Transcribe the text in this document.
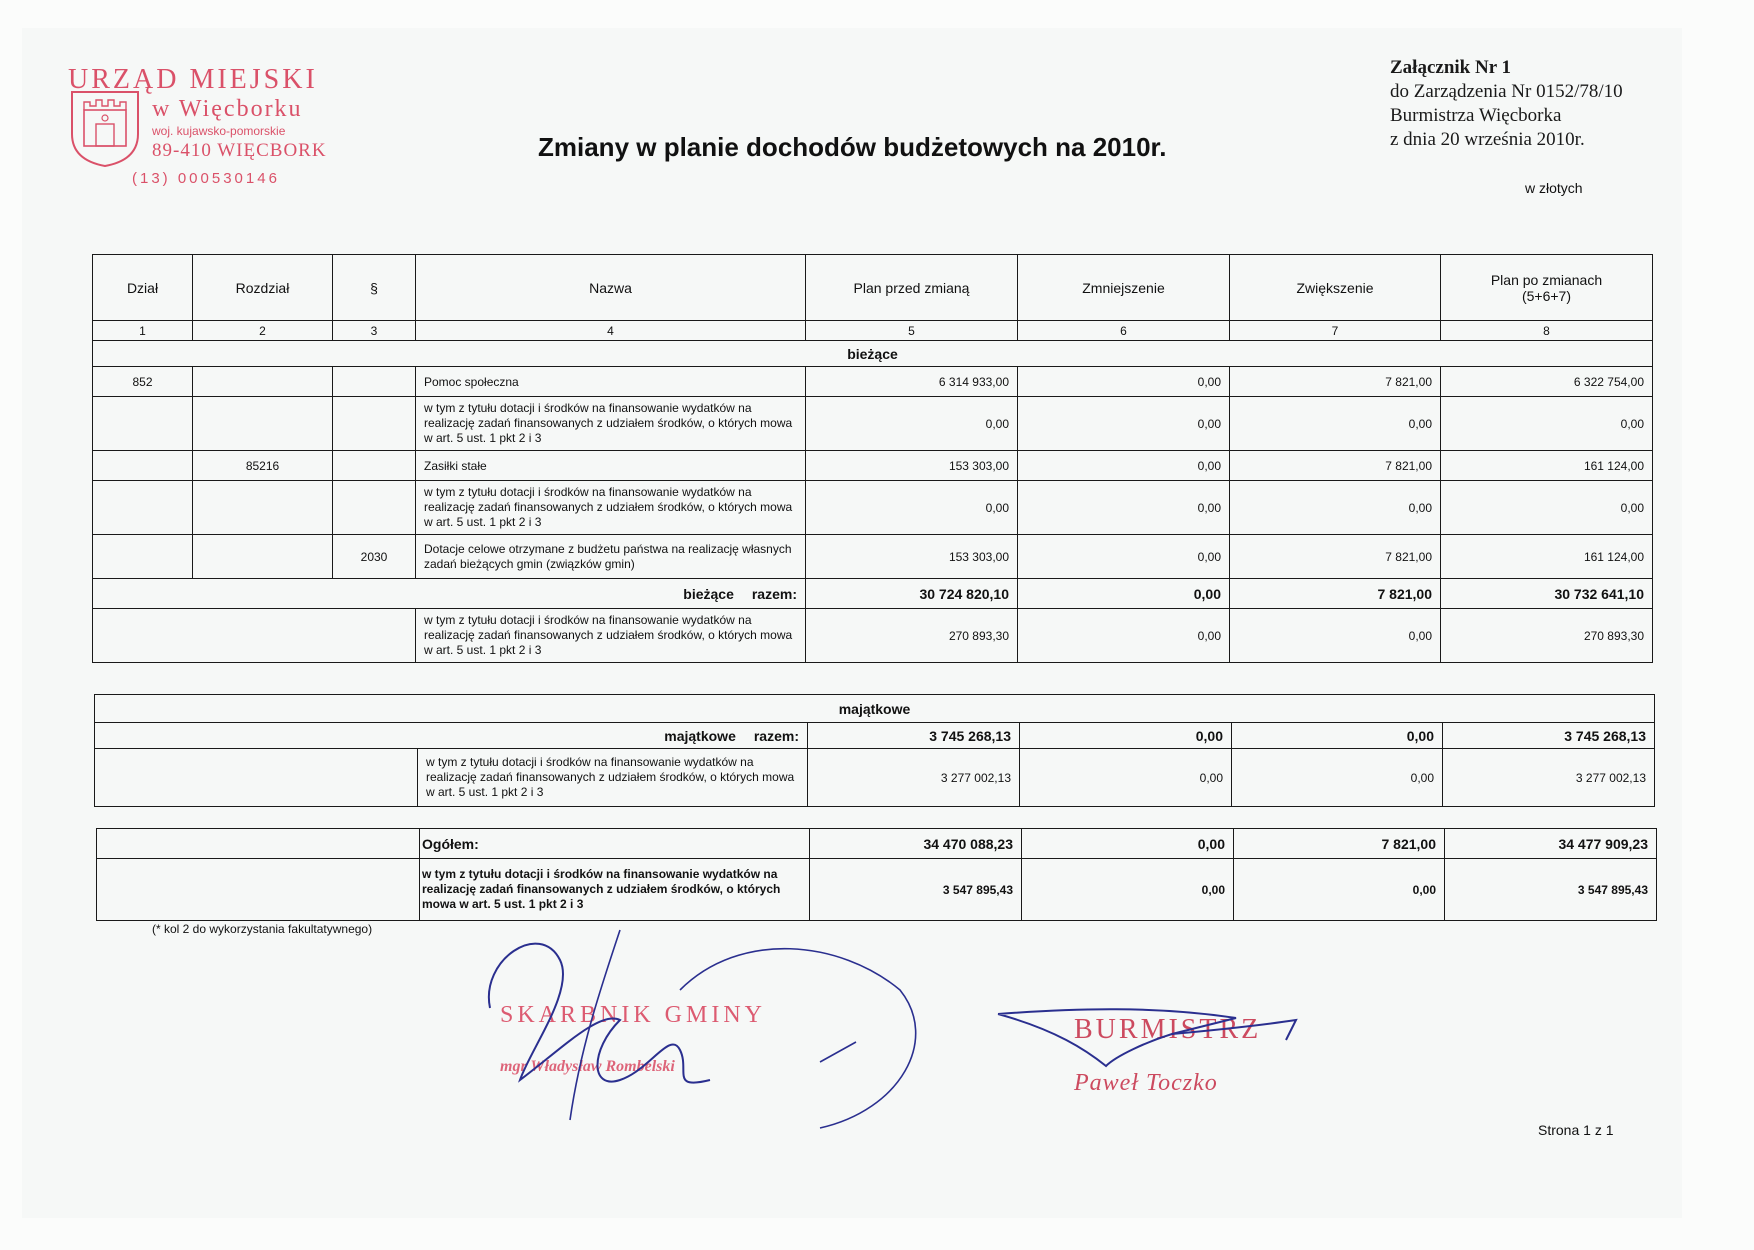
URZĄD MIEJSKI
w Więcborku
woj. kujawsko-pomorskie
89-410 WIĘCBORK
(13) 000530146
Zmiany w planie dochodów budżetowych na 2010r.
Załącznik Nr 1
do Zarządzenia Nr 0152/78/10
Burmistrza Więcborka
z dnia 20 września 2010r.
w złotych
Dział	Rozdział	§	Nazwa	Plan przed zmianą	Zmniejszenie	Zwiększenie	Plan po zmianach
(5+6+7)
1	2	3	4	5	6	7	8
bieżące							
852			Pomoc społeczna	6 314 933,00	0,00	7 821,00	6 322 754,00
			w tym z tytułu dotacji i środków na finansowanie wydatków na realizację zadań finansowanych z udziałem środków, o których mowa w art. 5 ust. 1 pkt 2 i 3	0,00	0,00	0,00	0,00
	85216		Zasiłki stałe	153 303,00	0,00	7 821,00	161 124,00
			w tym z tytułu dotacji i środków na finansowanie wydatków na realizację zadań finansowanych z udziałem środków, o których mowa w art. 5 ust. 1 pkt 2 i 3	0,00	0,00	0,00	0,00
		2030	Dotacje celowe otrzymane z budżetu państwa na realizację własnych zadań bieżących gmin (związków gmin)	153 303,00	0,00	7 821,00	161 124,00
bieżące razem:				30 724 820,10	0,00	7 821,00	30 732 641,10
			w tym z tytułu dotacji i środków na finansowanie wydatków na realizację zadań finansowanych z udziałem środków, o których mowa w art. 5 ust. 1 pkt 2 i 3	270 893,30	0,00	0,00	270 893,30
majątkowe					
majątkowe razem:		3 745 268,13	0,00	0,00	3 745 268,13
	w tym z tytułu dotacji i środków na finansowanie wydatków na realizację zadań finansowanych z udziałem środków, o których mowa w art. 5 ust. 1 pkt 2 i 3	3 277 002,13	0,00	0,00	3 277 002,13
	Ogółem:	34 470 088,23	0,00	7 821,00	34 477 909,23
	w tym z tytułu dotacji i środków na finansowanie wydatków na realizację zadań finansowanych z udziałem środków, o których mowa w art. 5 ust. 1 pkt 2 i 3	3 547 895,43	0,00	0,00	3 547 895,43
(* kol 2 do wykorzystania fakultatywnego)
SKARBNIK GMINY
mgr Władysław Rombelski
BURMISTRZ
Paweł Toczko
Strona 1 z 1
